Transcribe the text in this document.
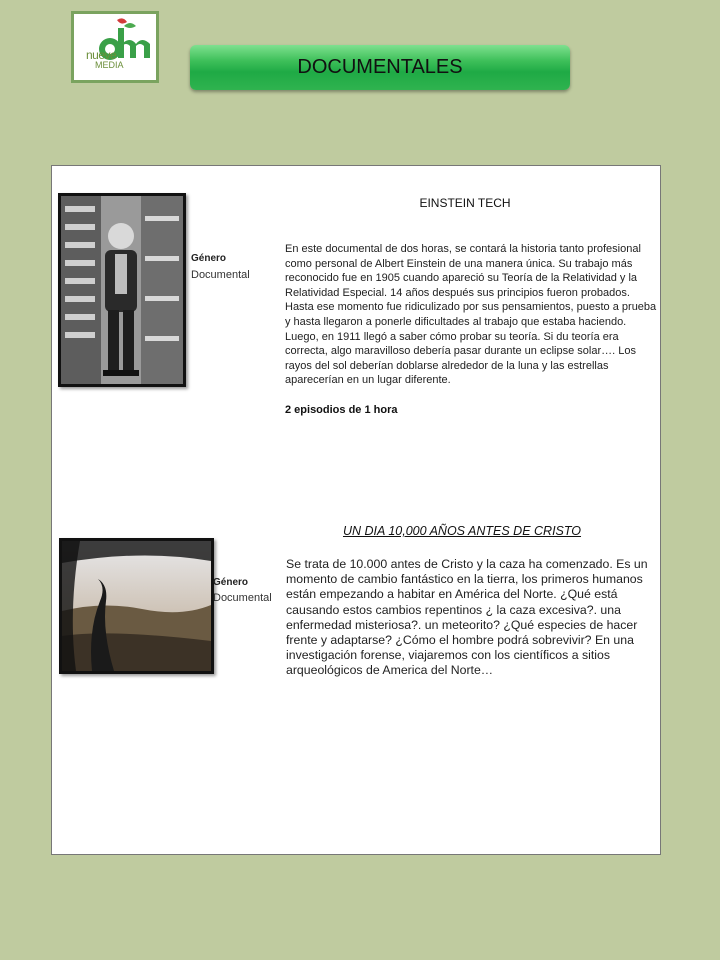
nueve
MEDIA	DOCUMENTALES
Género
Documental
EINSTEIN TECH
En este documental de dos horas, se contará la historia tanto profesional como personal de Albert Einstein de una manera única. Su trabajo más reconocido fue en 1905 cuando apareció su Teoría de la Relatividad y la Relatividad Especial. 14 años después sus principios fueron probados. Hasta ese momento fue ridiculizado por sus pensamientos, puesto a prueba y hasta llegaron a ponerle dificultades al trabajo que estaba haciendo. Luego, en 1911 llegó a saber cómo probar su teoría. Si du teoría era correcta, algo maravilloso debería pasar durante un eclipse solar…. Los rayos del sol deberían doblarse alrededor de la luna y las estrellas aparecerían en un lugar diferente.
2 episodios de 1 hora
Género
Documental
UN DIA 10,000 AÑOS ANTES DE CRISTO
Se trata de 10.000 antes de Cristo y la caza ha comenzado. Es un momento de cambio fantástico en la tierra, los primeros humanos están empezando a habitar en América del Norte. ¿Qué está causando estos cambios repentinos ¿ la caza excesiva?. una enfermedad misteriosa?. un meteorito? ¿Qué especies de hacer frente y adaptarse? ¿Cómo el hombre podrá sobrevivir? En una investigación forense, viajaremos con los científicos a sitios arqueológicos de America del Norte…
